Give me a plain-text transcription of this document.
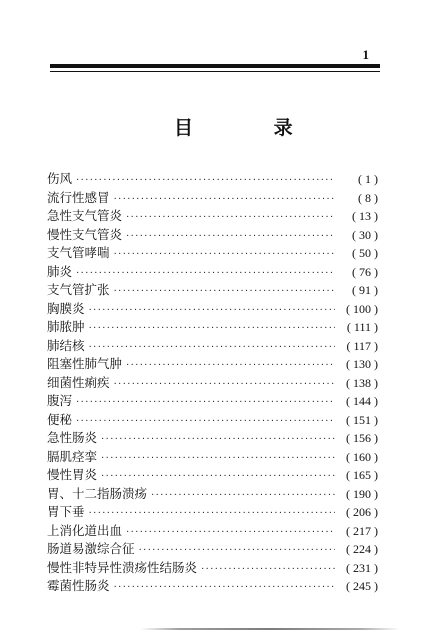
1
目 录
伤风 ·····	( 1 )
流行性感冒 ·····	( 8 )
急性支气管炎 ·····	( 13 )
慢性支气管炎 ·····	( 30 )
支气管哮喘 ·····	( 50 )
肺炎 ·····	( 76 )
支气管扩张 ·····	( 91 )
胸膜炎 ·····	( 100 )
肺脓肿 ·····	( 111 )
肺结核 ·····	( 117 )
阻塞性肺气肿 ·····	( 130 )
细菌性痢疾 ·····	( 138 )
腹泻 ·····	( 144 )
便秘 ·····	( 151 )
急性肠炎 ·····	( 156 )
膈肌痉挛 ·····	( 160 )
慢性胃炎 ·····	( 165 )
胃、十二指肠溃疡 ·····	( 190 )
胃下垂 ·····	( 206 )
上消化道出血 ·····	( 217 )
肠道易激综合征 ·····	( 224 )
慢性非特异性溃疡性结肠炎 ·····	( 231 )
霉菌性肠炎 ·····	( 245 )
